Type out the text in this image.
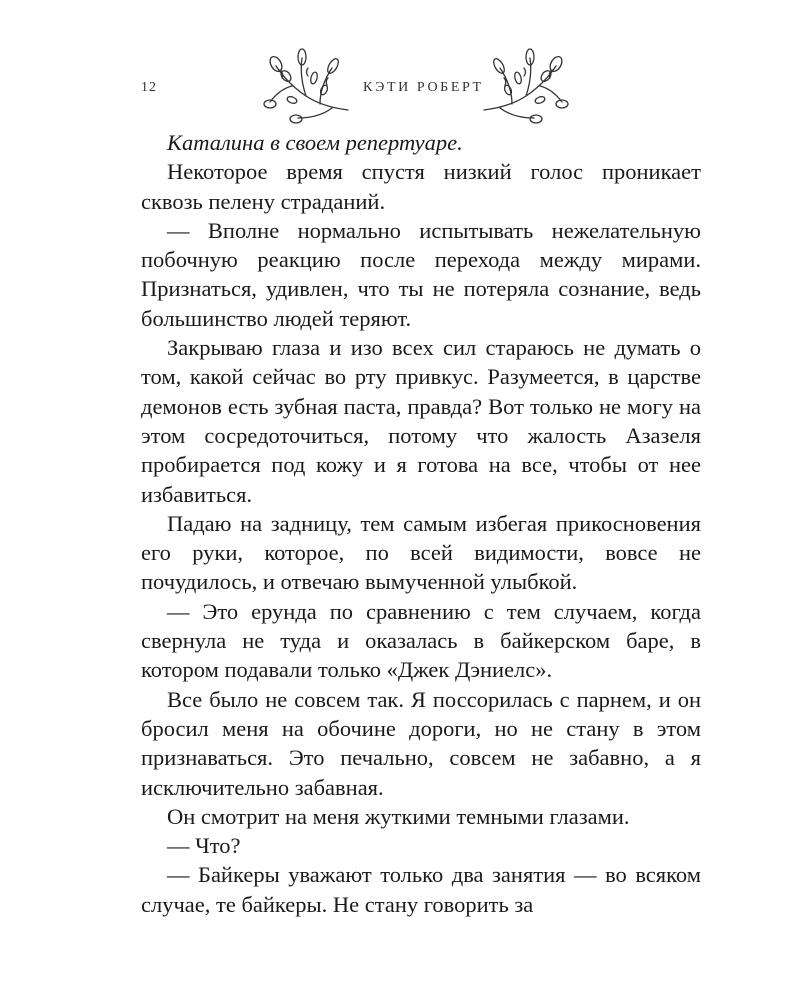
12	КЭТИ РОБЕРТ

Каталина в своем репертуаре.

Некоторое время спустя низкий голос проникает сквозь пелену страданий.

— Вполне нормально испытывать нежелательную побочную реакцию после перехода между мирами. Признаться, удивлен, что ты не потеряла сознание, ведь большинство людей теряют.

Закрываю глаза и изо всех сил стараюсь не думать о том, какой сейчас во рту привкус. Разумеется, в царстве демонов есть зубная паста, правда? Вот только не могу на этом сосредоточиться, потому что жалость Азазеля пробирается под кожу и я готова на все, чтобы от нее избавиться.

Падаю на задницу, тем самым избегая прикосновения его руки, которое, по всей видимости, вовсе не почудилось, и отвечаю вымученной улыбкой.

— Это ерунда по сравнению с тем случаем, когда свернула не туда и оказалась в байкерском баре, в котором подавали только «Джек Дэниелс».

Все было не совсем так. Я поссорилась с парнем, и он бросил меня на обочине дороги, но не стану в этом признаваться. Это печально, совсем не забавно, а я исключительно забавная.

Он смотрит на меня жуткими темными глазами.

— Что?

— Байкеры уважают только два занятия — во всяком случае, те байкеры. Не стану говорить за
